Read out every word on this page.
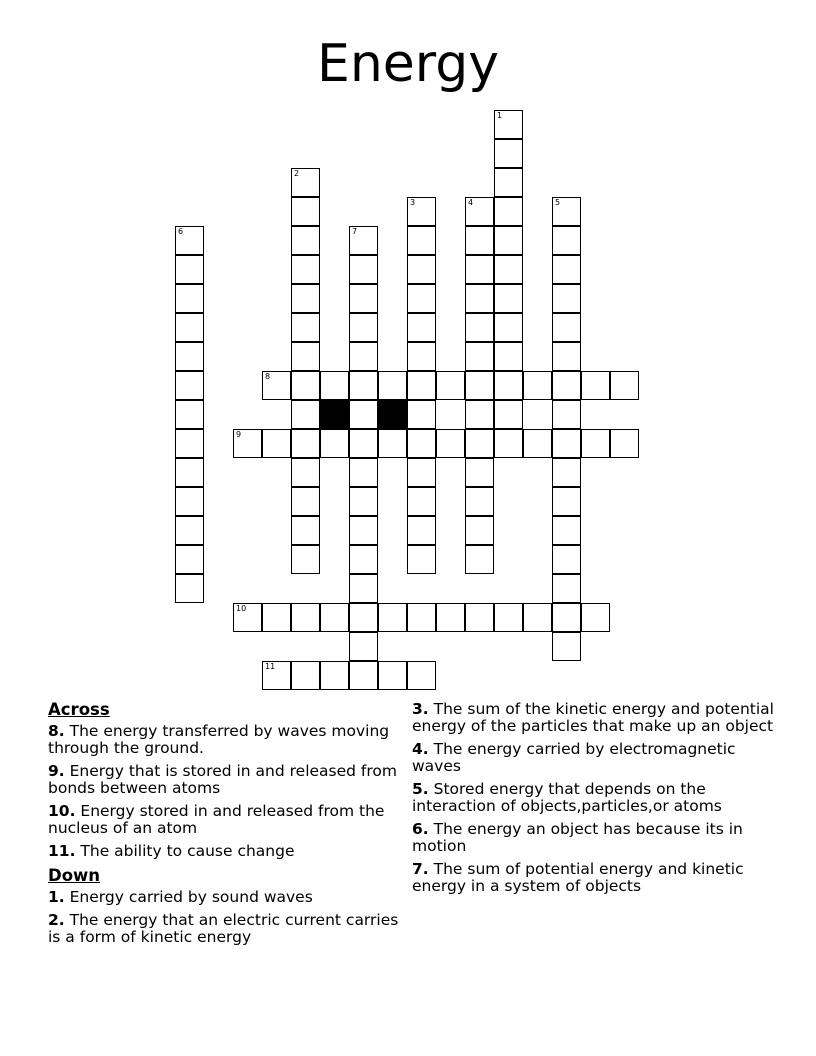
Energy
1
2
3	4	5
6	7
8
9
10
11
Across
8. The energy transferred by waves moving through the ground.
9. Energy that is stored in and released from bonds between atoms
10. Energy stored in and released from the nucleus of an atom
11. The ability to cause change
Down
1. Energy carried by sound waves
2. The energy that an electric current carries is a form of kinetic energy
3. The sum of the kinetic energy and potential energy of the particles that make up an object
4. The energy carried by electromagnetic waves
5. Stored energy that depends on the interaction of objects,particles,or atoms
6. The energy an object has because its in motion
7. The sum of potential energy and kinetic energy in a system of objects
